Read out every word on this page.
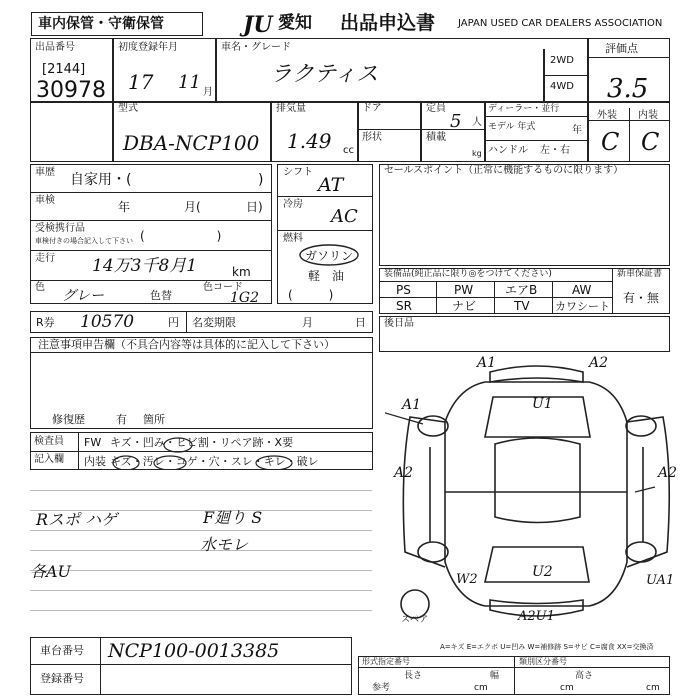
車内保管・守衛保管	JU 愛知 出品申込書 JAPAN USED CAR DEALERS ASSOCIATION
出品番号
[2144]
30978
初度登録年月
17 11 月
車名・グレード
ラクティス
2WD
4WD
評価点
3.5
外装 内装
C C
型式
DBA-NCP100
排気量
1.49 cc
ドア
形状
定員
5 人
積載
kg
ディーラー・並行
モデル 年式	年
ハンドル 左・右
車歴 自家用・(	)
車検	年	月(	日)
受検携行品
車検付きの場合記入して下さい (　　　　　　)
走行 14万3千8月1	km
色
グレー	色替
色コード
1G2
シフト
AT
冷房
AC
燃料
ガソリン
軽　油
(　　　)
セールスポイント（正常に機能するものに限ります）
装備品(純正品に限り◎をつけてください)
PS	PW	エアB	AW
SR	ナビ	TV カワシート
新車保証書
有・無
R券 10570	円 名変期限	月	日 後日品
注意事項申告欄（不具合内容等は具体的に記入して下さい）
修復歴	有 箇所
検査員
記入欄
FW キズ・凹み・ヒビ割・リペア跡・X要
内装 キズ・汚レ・コゲ・穴・スレ・キレ・破レ
Rスポ ハゲ	F廻り S
水モレ
各AU
A1	A2
U1
A1
A2	A2
U2
W2	UA1
A2U1
スペア
A=キズ E=エクボ U=凹み W=補修跡 S=サビ C=腐食 XX=交換済
車台番号 NCP100-0013385
登録番号
形式指定番号	類別区分番号
長さ	幅	高さ
参考	cm	cm	cm
